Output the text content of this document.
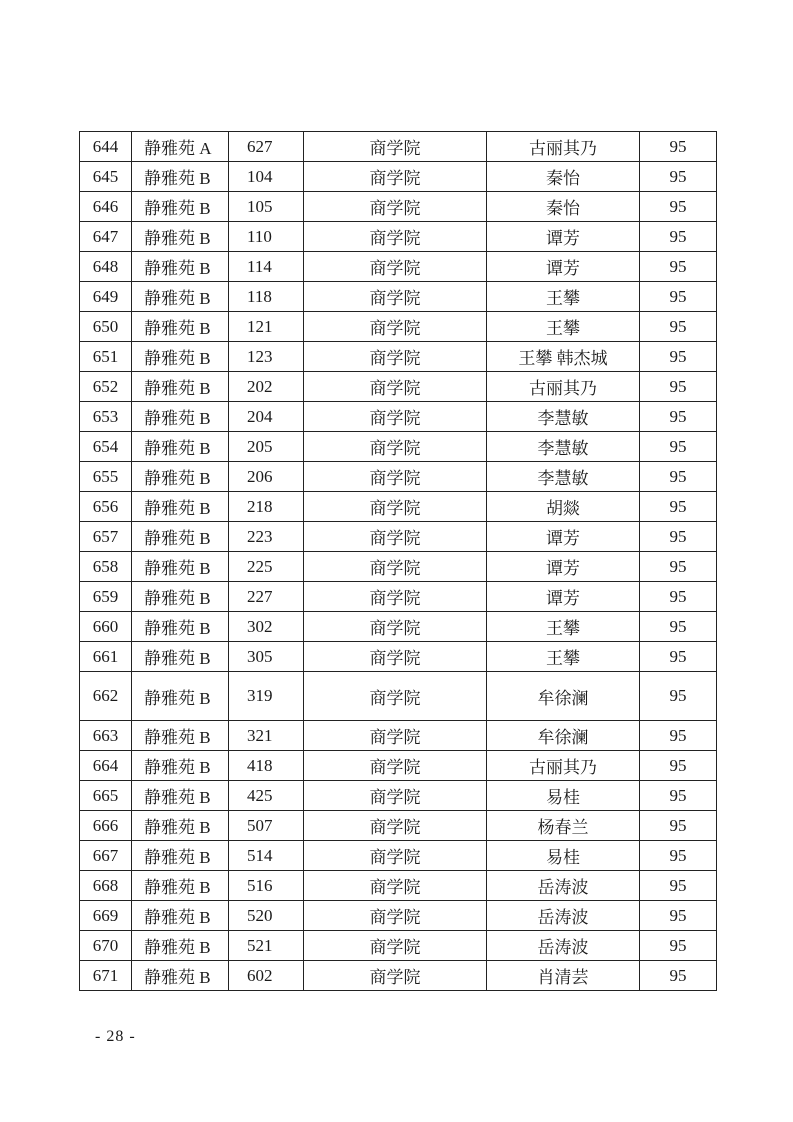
644	静雅苑 A	627	商学院	古丽其乃	95
645	静雅苑 B	104	商学院	秦怡	95
646	静雅苑 B	105	商学院	秦怡	95
647	静雅苑 B	110	商学院	谭芳	95
648	静雅苑 B	114	商学院	谭芳	95
649	静雅苑 B	118	商学院	王攀	95
650	静雅苑 B	121	商学院	王攀	95
651	静雅苑 B	123	商学院	王攀 韩杰城	95
652	静雅苑 B	202	商学院	古丽其乃	95
653	静雅苑 B	204	商学院	李慧敏	95
654	静雅苑 B	205	商学院	李慧敏	95
655	静雅苑 B	206	商学院	李慧敏	95
656	静雅苑 B	218	商学院	胡燚	95
657	静雅苑 B	223	商学院	谭芳	95
658	静雅苑 B	225	商学院	谭芳	95
659	静雅苑 B	227	商学院	谭芳	95
660	静雅苑 B	302	商学院	王攀	95
661	静雅苑 B	305	商学院	王攀	95
662	静雅苑 B	319	商学院	牟徐澜	95
663	静雅苑 B	321	商学院	牟徐澜	95
664	静雅苑 B	418	商学院	古丽其乃	95
665	静雅苑 B	425	商学院	易桂	95
666	静雅苑 B	507	商学院	杨春兰	95
667	静雅苑 B	514	商学院	易桂	95
668	静雅苑 B	516	商学院	岳涛波	95
669	静雅苑 B	520	商学院	岳涛波	95
670	静雅苑 B	521	商学院	岳涛波	95
671	静雅苑 B	602	商学院	肖清芸	95
- 28 -
